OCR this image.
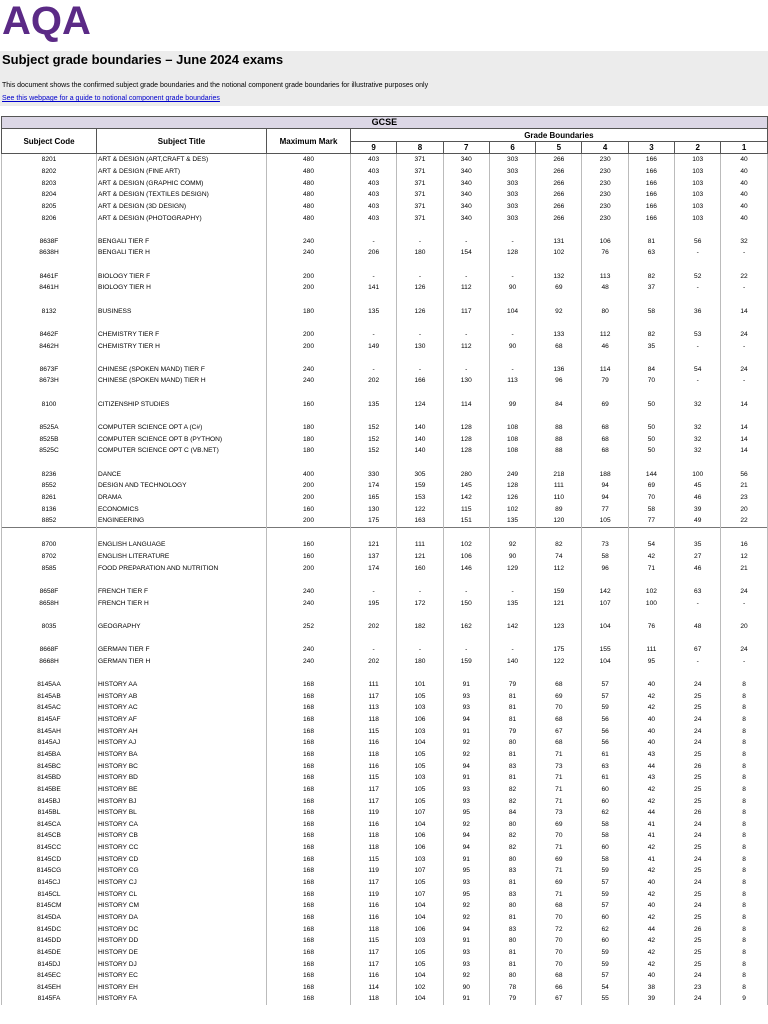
AQA
Subject grade boundaries – June 2024 exams
This document shows the confirmed subject grade boundaries and the notional component grade boundaries for illustrative purposes only
See this webpage for a guide to notional component grade boundaries
GCSE											
Subject Code	Subject Title	Maximum Mark	Grade Boundaries								
			9	8	7	6	5	4	3	2	1
8201	ART & DESIGN (ART,CRAFT & DES)	480	403	371	340	303	266	230	166	103	40
8202	ART & DESIGN (FINE ART)	480	403	371	340	303	266	230	166	103	40
8203	ART & DESIGN (GRAPHIC COMM)	480	403	371	340	303	266	230	166	103	40
8204	ART & DESIGN (TEXTILES DESIGN)	480	403	371	340	303	266	230	166	103	40
8205	ART & DESIGN (3D DESIGN)	480	403	371	340	303	266	230	166	103	40
8206	ART & DESIGN (PHOTOGRAPHY)	480	403	371	340	303	266	230	166	103	40

8638F	BENGALI TIER F	240	-	-	-	-	131	106	81	56	32
8638H	BENGALI TIER H	240	206	180	154	128	102	76	63	-	-

8461F	BIOLOGY TIER F	200	-	-	-	-	132	113	82	52	22
8461H	BIOLOGY TIER H	200	141	126	112	90	69	48	37	-	-

8132	BUSINESS	180	135	126	117	104	92	80	58	36	14

8462F	CHEMISTRY TIER F	200	-	-	-	-	133	112	82	53	24
8462H	CHEMISTRY TIER H	200	149	130	112	90	68	46	35	-	-

8673F	CHINESE (SPOKEN MAND) TIER F	240	-	-	-	-	136	114	84	54	24
8673H	CHINESE (SPOKEN MAND) TIER H	240	202	166	130	113	96	79	70	-	-

8100	CITIZENSHIP STUDIES	160	135	124	114	99	84	69	50	32	14

8525A	COMPUTER SCIENCE OPT A (C#)	180	152	140	128	108	88	68	50	32	14
8525B	COMPUTER SCIENCE OPT B (PYTHON)	180	152	140	128	108	88	68	50	32	14
8525C	COMPUTER SCIENCE OPT C (VB.NET)	180	152	140	128	108	88	68	50	32	14

8236	DANCE	400	330	305	280	249	218	188	144	100	56
8552	DESIGN AND TECHNOLOGY	200	174	159	145	128	111	94	69	45	21
8261	DRAMA	200	165	153	142	126	110	94	70	46	23
8136	ECONOMICS	160	130	122	115	102	89	77	58	39	20
8852	ENGINEERING	200	175	163	151	135	120	105	77	49	22

8700	ENGLISH LANGUAGE	160	121	111	102	92	82	73	54	35	16
8702	ENGLISH LITERATURE	160	137	121	106	90	74	58	42	27	12
8585	FOOD PREPARATION AND NUTRITION	200	174	160	146	129	112	96	71	46	21

8658F	FRENCH TIER F	240	-	-	-	-	159	142	102	63	24
8658H	FRENCH TIER H	240	195	172	150	135	121	107	100	-	-

8035	GEOGRAPHY	252	202	182	162	142	123	104	76	48	20

8668F	GERMAN TIER F	240	-	-	-	-	175	155	111	67	24
8668H	GERMAN TIER H	240	202	180	159	140	122	104	95	-	-

8145AA	HISTORY AA	168	111	101	91	79	68	57	40	24	8
8145AB	HISTORY AB	168	117	105	93	81	69	57	42	25	8
8145AC	HISTORY AC	168	113	103	93	81	70	59	42	25	8
8145AF	HISTORY AF	168	118	106	94	81	68	56	40	24	8
8145AH	HISTORY AH	168	115	103	91	79	67	56	40	24	8
8145AJ	HISTORY AJ	168	116	104	92	80	68	56	40	24	8
8145BA	HISTORY BA	168	118	105	92	81	71	61	43	25	8
8145BC	HISTORY BC	168	116	105	94	83	73	63	44	26	8
8145BD	HISTORY BD	168	115	103	91	81	71	61	43	25	8
8145BE	HISTORY BE	168	117	105	93	82	71	60	42	25	8
8145BJ	HISTORY BJ	168	117	105	93	82	71	60	42	25	8
8145BL	HISTORY BL	168	119	107	95	84	73	62	44	26	8
8145CA	HISTORY CA	168	116	104	92	80	69	58	41	24	8
8145CB	HISTORY CB	168	118	106	94	82	70	58	41	24	8
8145CC	HISTORY CC	168	118	106	94	82	71	60	42	25	8
8145CD	HISTORY CD	168	115	103	91	80	69	58	41	24	8
8145CG	HISTORY CG	168	119	107	95	83	71	59	42	25	8
8145CJ	HISTORY CJ	168	117	105	93	81	69	57	40	24	8
8145CL	HISTORY CL	168	119	107	95	83	71	59	42	25	8
8145CM	HISTORY CM	168	116	104	92	80	68	57	40	24	8
8145DA	HISTORY DA	168	116	104	92	81	70	60	42	25	8
8145DC	HISTORY DC	168	118	106	94	83	72	62	44	26	8
8145DD	HISTORY DD	168	115	103	91	80	70	60	42	25	8
8145DE	HISTORY DE	168	117	105	93	81	70	59	42	25	8
8145DJ	HISTORY DJ	168	117	105	93	81	70	59	42	25	8
8145EC	HISTORY EC	168	116	104	92	80	68	57	40	24	8
8145EH	HISTORY EH	168	114	102	90	78	66	54	38	23	8
8145FA	HISTORY FA	168	118	104	91	79	67	55	39	24	9
